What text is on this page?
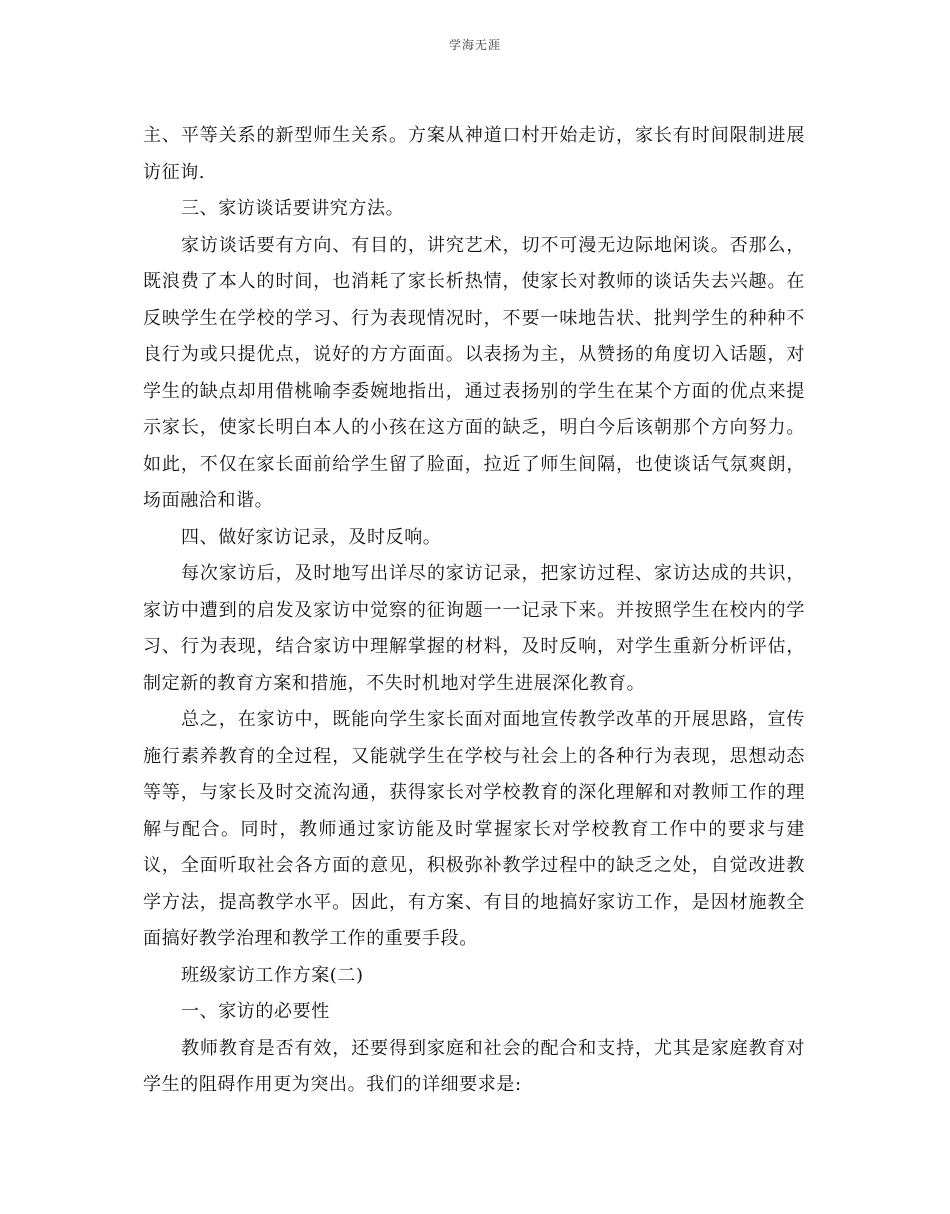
学海无涯

主、平等关系的新型师生关系。方案从神道口村开始走访，家长有时间限制进展访征询.

三、家访谈话要讲究方法。

家访谈话要有方向、有目的，讲究艺术，切不可漫无边际地闲谈。否那么，既浪费了本人的时间，也消耗了家长析热情，使家长对教师的谈话失去兴趣。在反映学生在学校的学习、行为表现情况时，不要一味地告状、批判学生的种种不良行为或只提优点，说好的方方面面。以表扬为主，从赞扬的角度切入话题，对学生的缺点却用借桃喻李委婉地指出，通过表扬别的学生在某个方面的优点来提示家长，使家长明白本人的小孩在这方面的缺乏，明白今后该朝那个方向努力。如此，不仅在家长面前给学生留了脸面，拉近了师生间隔，也使谈话气氛爽朗，场面融洽和谐。

四、做好家访记录，及时反响。

每次家访后，及时地写出详尽的家访记录，把家访过程、家访达成的共识，家访中遭到的启发及家访中觉察的征询题一一记录下来。并按照学生在校内的学习、行为表现，结合家访中理解掌握的材料，及时反响，对学生重新分析评估，制定新的教育方案和措施，不失时机地对学生进展深化教育。

总之，在家访中，既能向学生家长面对面地宣传教学改革的开展思路，宣传施行素养教育的全过程，又能就学生在学校与社会上的各种行为表现，思想动态等等，与家长及时交流沟通，获得家长对学校教育的深化理解和对教师工作的理解与配合。同时，教师通过家访能及时掌握家长对学校教育工作中的要求与建议，全面听取社会各方面的意见，积极弥补教学过程中的缺乏之处，自觉改进教学方法，提高教学水平。因此，有方案、有目的地搞好家访工作，是因材施教全面搞好教学治理和教学工作的重要手段。

班级家访工作方案(二)

一、家访的必要性

教师教育是否有效，还要得到家庭和社会的配合和支持，尤其是家庭教育对学生的阻碍作用更为突出。我们的详细要求是:
